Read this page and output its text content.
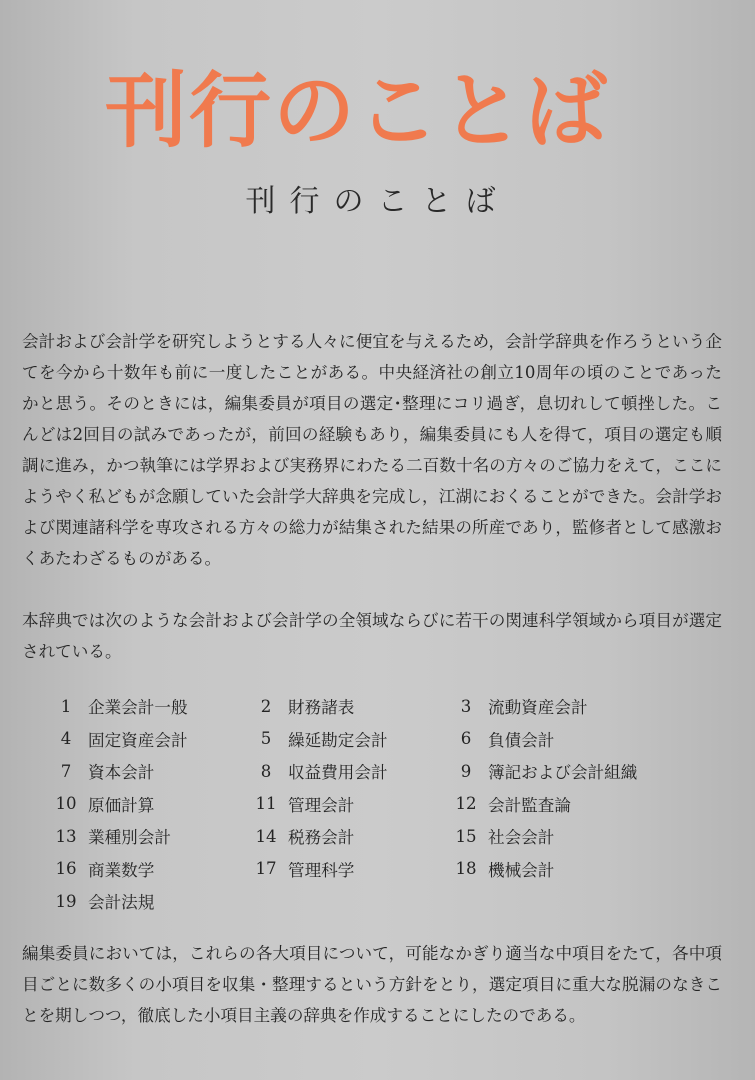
刊行のことば
刊行のことば

会計および会計学を研究しようとする人々に便宜を与えるため，会計学辞典を作ろうという企てを今から十数年も前に一度したことがある。中央経済社の創立10周年の頃のことであったかと思う。そのときには，編集委員が項目の選定･整理にコリ過ぎ，息切れして頓挫した。こんどは2回目の試みであったが，前回の経験もあり，編集委員にも人を得て，項目の選定も順調に進み，かつ執筆には学界および実務界にわたる二百数十名の方々のご協力をえて，ここにようやく私どもが念願していた会計学大辞典を完成し，江湖におくることができた。会計学および関連諸科学を専攻される方々の総力が結集された結果の所産であり，監修者として感激おくあたわざるものがある。

本辞典では次のような会計および会計学の全領域ならびに若干の関連科学領域から項目が選定されている。

1	企業会計一般	2	財務諸表	3	流動資産会計
4	固定資産会計	5	繰延勘定会計	6	負債会計
7	資本会計	8	収益費用会計	9	簿記および会計組織
10 原価計算	11 管理会計	12 会計監査論
13 業種別会計	14 税務会計	15 社会会計
16 商業数学	17 管理科学	18 機械会計
19 会計法規

編集委員においては，これらの各大項目について，可能なかぎり適当な中項目をたて，各中項目ごとに数多くの小項目を収集・整理するという方針をとり，選定項目に重大な脱漏のなきことを期しつつ，徹底した小項目主義の辞典を作成することにしたのである。
